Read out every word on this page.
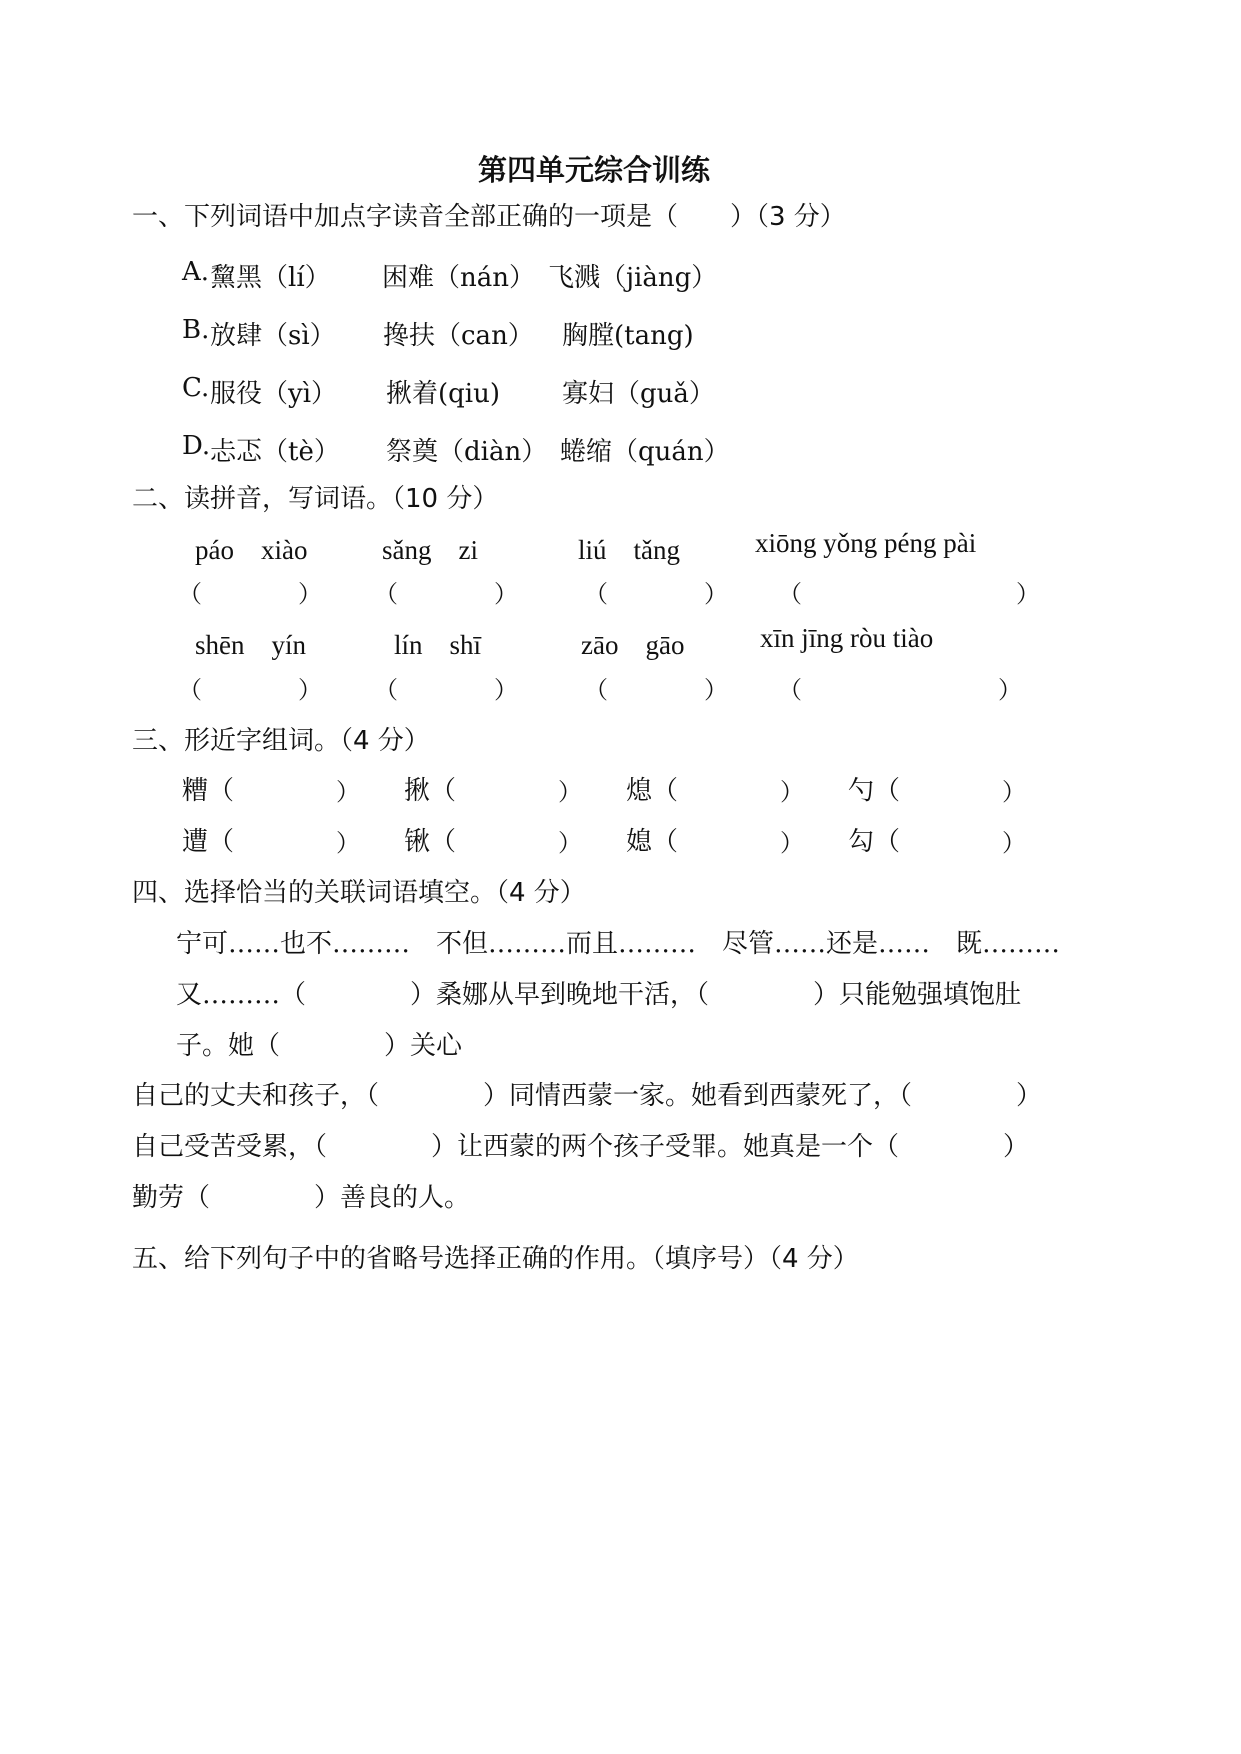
第四单元综合训练
一、下列词语中加点字读音全部正确的一项是（　　）（3 分）
A. 黧黑（lí） 困难（nán） 飞溅（jiàng）
B. 放肆（sì） 搀扶（can） 胸膛(tang)
C. 服役（yì） 揪着(qiu) 寡妇（guǎ）
D. 忐忑（tè） 祭奠（diàn） 蜷缩（quán）
二、读拼音，写词语。（10 分）
páo　xiào	sǎng　zi	liú　tǎng	xiōng yǒng péng pài
（	） （	）	（	） （	）
shēn　yín	lín　shī	zāo　gāo	xīn jīng ròu tiào
（	） （	）	（	） （	）
三、形近字组词。（4 分）
糟（	） 揪（	） 熄（	） 勺（	）
遭（	） 锹（	） 媳（	） 勾（	）
四、选择恰当的关联词语填空。（4 分）
宁可……也不………　不但………而且………　尽管……还是……　既………
又………（　　　　）桑娜从早到晚地干活，（　　　　）只能勉强填饱肚
子。她（　　　　）关心
自己的丈夫和孩子，（　　　　）同情西蒙一家。她看到西蒙死了，（　　　　）
自己受苦受累，（　　　　）让西蒙的两个孩子受罪。她真是一个（　　　　）
勤劳（　　　　）善良的人。
五、给下列句子中的省略号选择正确的作用。（填序号）（4 分）
